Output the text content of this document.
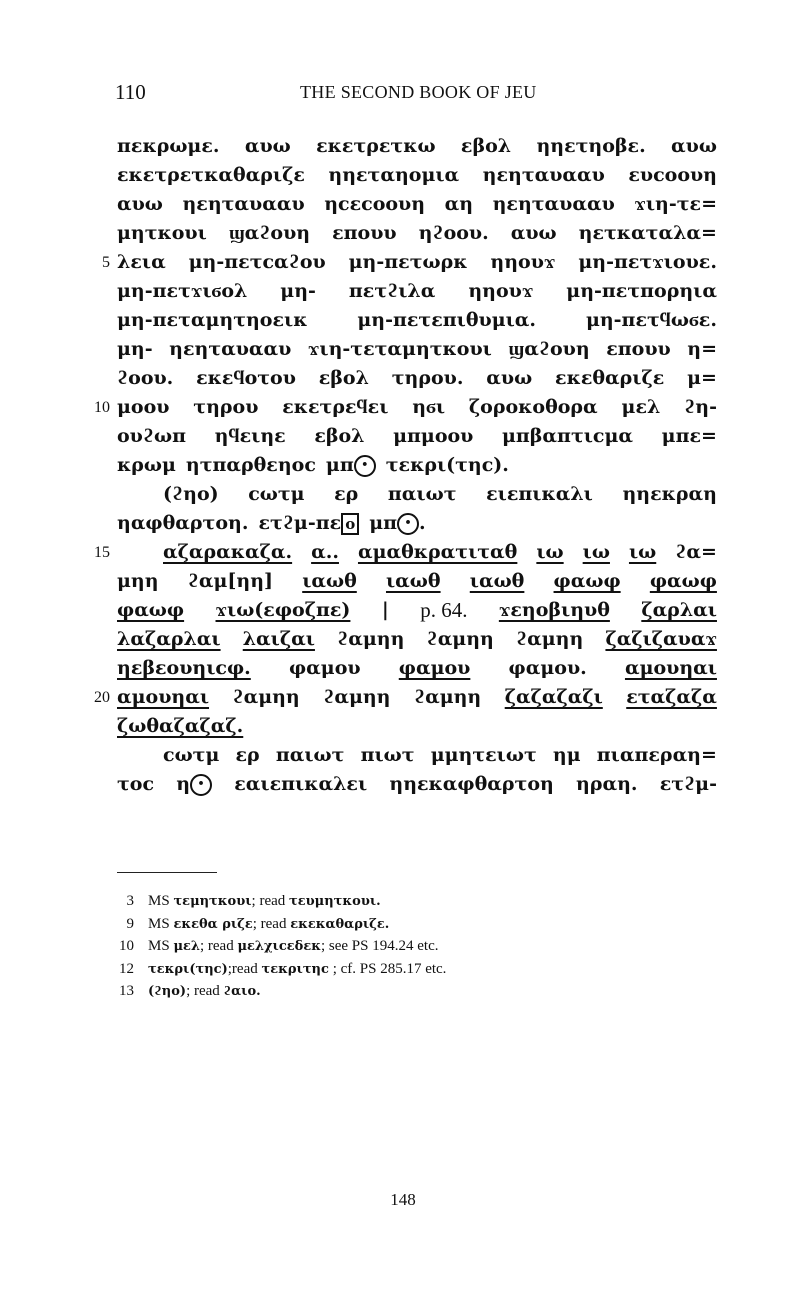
110	THE SECOND BOOK OF JEU
πεκρωμε. αυω εκετρετκω εβολ ηηετηοβε. αυω
εκετρετκαθαριζε ηηεταηομια ηεηταυααυ ευcοουη
αυω ηεηταυααυ ηcεcοουη αη ηεηταυααυ ϫιη-τε=
μητκουι ϣαϩουη επουυ ηϩοου. αυω ηετκαταλα=
5 λεια μη-πετcαϩου μη-πετωρκ ηηουϫ μη-πετϫιουε.
μη-πετϫιϭολ μη- πετϩιλα ηηουϫ μη-πετπορηια
μη-πεταμητηοεικ	μη-πετεπιθυμια.	μη-πετϥωϭε.
μη- ηεηταυααυ ϫιη-τεταμητκουι ϣαϩουη επουυ η=
ϩοου. εκεϥοτου εβολ τηρου. αυω εκεθαριζε μ=
10 μοου τηρου εκετρεϥει ηϭι ζοροκοθορα μελ ϩη-
ουϩωπ ηϥειηε εβολ μπμοου μπβαπτιcμα μπε=
κρωμ ητπαρθεηοc μπ • τεκρι(τηc).
(ϩηο) cωτμ ερ παιωτ ειεπικαλι ηηεκραη
ηαφθαρτοη. ετϩμ-πε ο μπ • .
15	αζαρακαζα. α.. αμαθκρατιταθ ιω ιω ιω ϩα=
μηη ϩαμ[ηη] ιαωθ ιαωθ ιαωθ φαωφ φαωφ
φαωφ ϫιω(εφοζπε) | p. 64. ϫεηοβιηυθ ζαρλαι
λαζαρλαι λαιζαι ϩαμηη ϩαμηη ϩαμηη ζαζιζαυαϫ
ηεβεουηιcφ. φαμου φαμου φαμου. αμουηαι
20 αμουηαι ϩαμηη ϩαμηη ϩαμηη ζαζαζαζι εταζαζα
ζωθαζαζαζ.
cωτμ ερ παιωτ πιωτ μμητειωτ ημ πιαπεραη=
τοc η •	εαιεπικαλει ηηεκαφθαρτοη ηραη. ετϩμ-
3 MS τεμητκουι; read τευμητκουι.
9 MS εκεθα ριζε; read εκεκαθαριζε.
10 MS μελ; read μελχιcεδεκ; see PS 194.24 etc.
12 τεκρι(τηc);read τεκριτηc ; cf. PS 285.17 etc.
13 (ϩηο); read ϩαιο.
148
